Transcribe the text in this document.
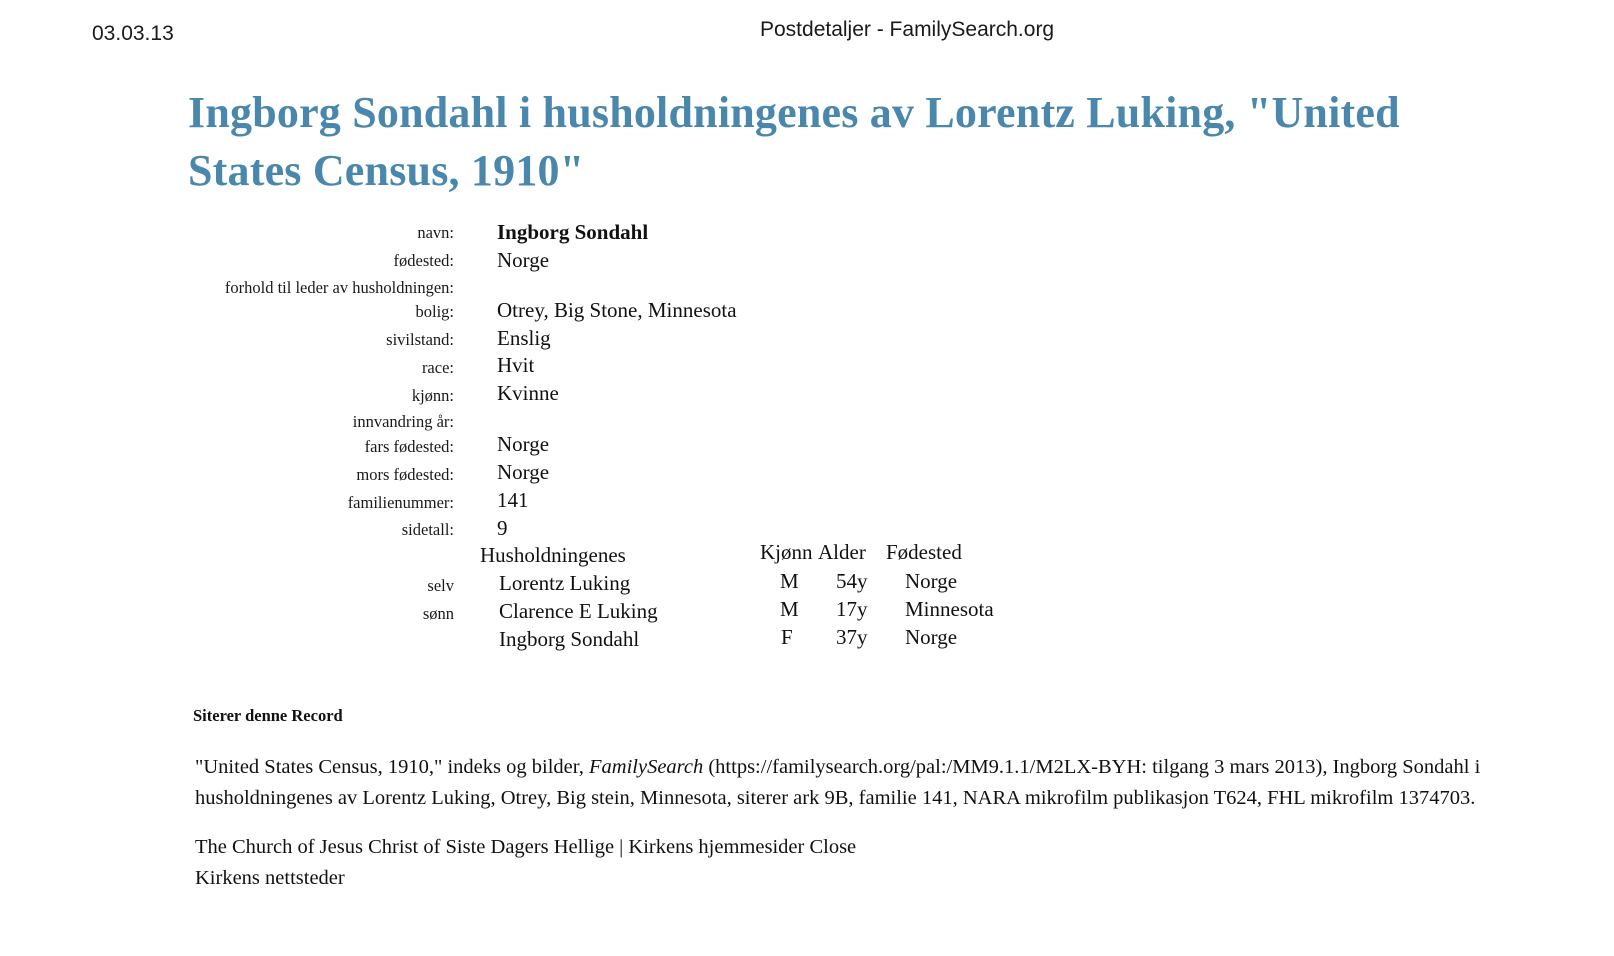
03.03.13	Postdetaljer - FamilySearch.org
Ingborg Sondahl i husholdningenes av Lorentz Luking, "United States Census, 1910"
navn: Ingborg Sondahl
fødested: Norge
forhold til leder av husholdningen:
bolig: Otrey, Big Stone, Minnesota
sivilstand: Enslig
race: Hvit
kjønn: Kvinne
innvandring år:
fars fødested: Norge
mors fødested: Norge
familienummer: 141
sidetall: 9
Husholdningenes	Kjønn Alder Fødested
selv Lorentz Luking	M 54y Norge
sønn Clarence E Luking	M 17y Minnesota
Ingborg Sondahl	F 37y Norge
Siterer denne Record

"United States Census, 1910," indeks og bilder, FamilySearch (https://familysearch.org/pal:/MM9.1.1/M2LX-BYH: tilgang 3 mars 2013), Ingborg Sondahl i husholdningenes av Lorentz Luking, Otrey, Big stein, Minnesota, siterer ark 9B, familie 141, NARA mikrofilm publikasjon T624, FHL mikrofilm 1374703.

The Church of Jesus Christ of Siste Dagers Hellige | Kirkens hjemmesider Close
Kirkens nettsteder
